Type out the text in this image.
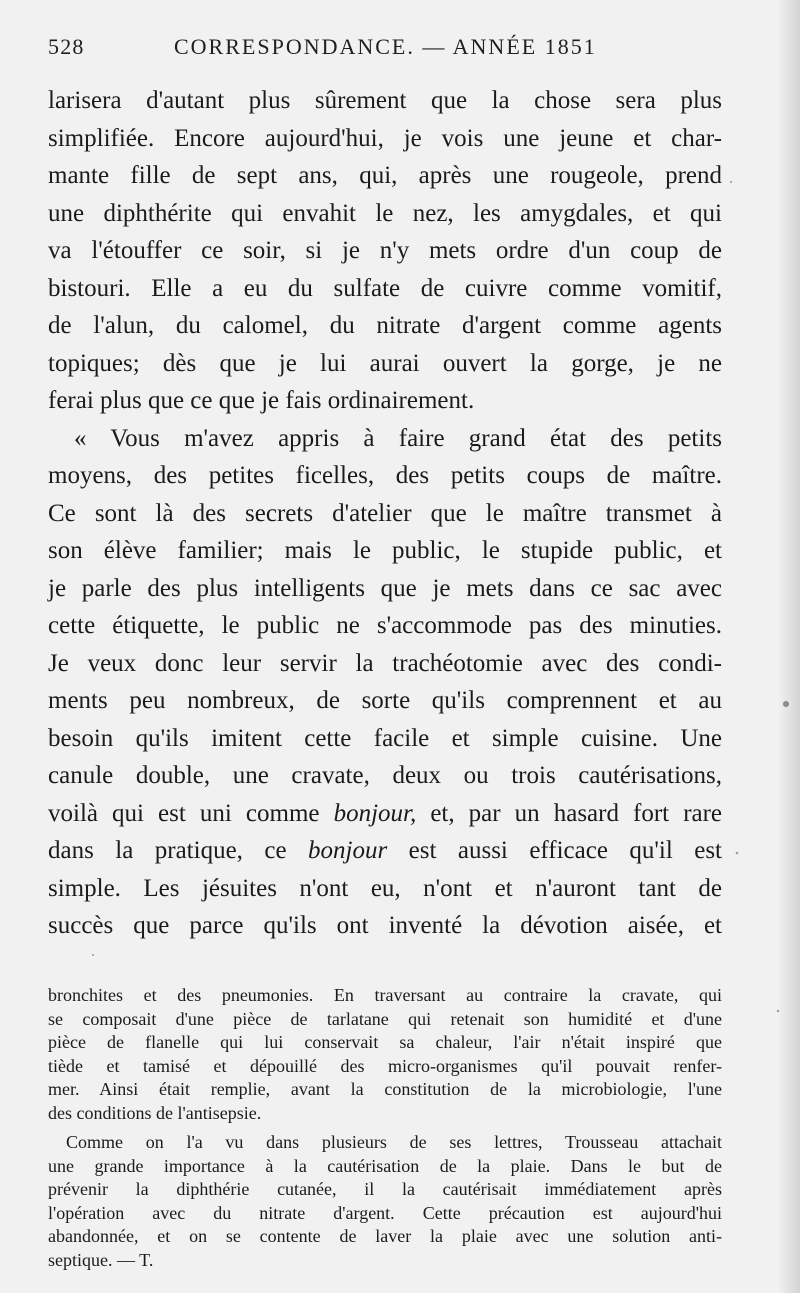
528	CORRESPONDANCE. — ANNÉE 1851
larisera d'autant plus sûrement que la chose sera plus
simplifiée. Encore aujourd'hui, je vois une jeune et char-
mante fille de sept ans, qui, après une rougeole, prend
une diphthérite qui envahit le nez, les amygdales, et qui
va l'étouffer ce soir, si je n'y mets ordre d'un coup de
bistouri. Elle a eu du sulfate de cuivre comme vomitif,
de l'alun, du calomel, du nitrate d'argent comme agents
topiques; dès que je lui aurai ouvert la gorge, je ne
ferai plus que ce que je fais ordinairement.
« Vous m'avez appris à faire grand état des petits
moyens, des petites ficelles, des petits coups de maître.
Ce sont là des secrets d'atelier que le maître transmet à
son élève familier; mais le public, le stupide public, et
je parle des plus intelligents que je mets dans ce sac avec
cette étiquette, le public ne s'accommode pas des minuties.
Je veux donc leur servir la trachéotomie avec des condi-
ments peu nombreux, de sorte qu'ils comprennent et au
besoin qu'ils imitent cette facile et simple cuisine. Une
canule double, une cravate, deux ou trois cautérisations,
voilà qui est uni comme bonjour, et, par un hasard fort rare
dans la pratique, ce bonjour est aussi efficace qu'il est
simple. Les jésuites n'ont eu, n'ont et n'auront tant de
succès que parce qu'ils ont inventé la dévotion aisée, et
bronchites et des pneumonies. En traversant au contraire la cravate, qui
se composait d'une pièce de tarlatane qui retenait son humidité et d'une
pièce de flanelle qui lui conservait sa chaleur, l'air n'était inspiré que
tiède et tamisé et dépouillé des micro-organismes qu'il pouvait renfer-
mer. Ainsi était remplie, avant la constitution de la microbiologie, l'une
des conditions de l'antisepsie.
Comme on l'a vu dans plusieurs de ses lettres, Trousseau attachait
une grande importance à la cautérisation de la plaie. Dans le but de
prévenir la diphthérie cutanée, il la cautérisait immédiatement après
l'opération avec du nitrate d'argent. Cette précaution est aujourd'hui
abandonnée, et on se contente de laver la plaie avec une solution anti-
septique. — T.
